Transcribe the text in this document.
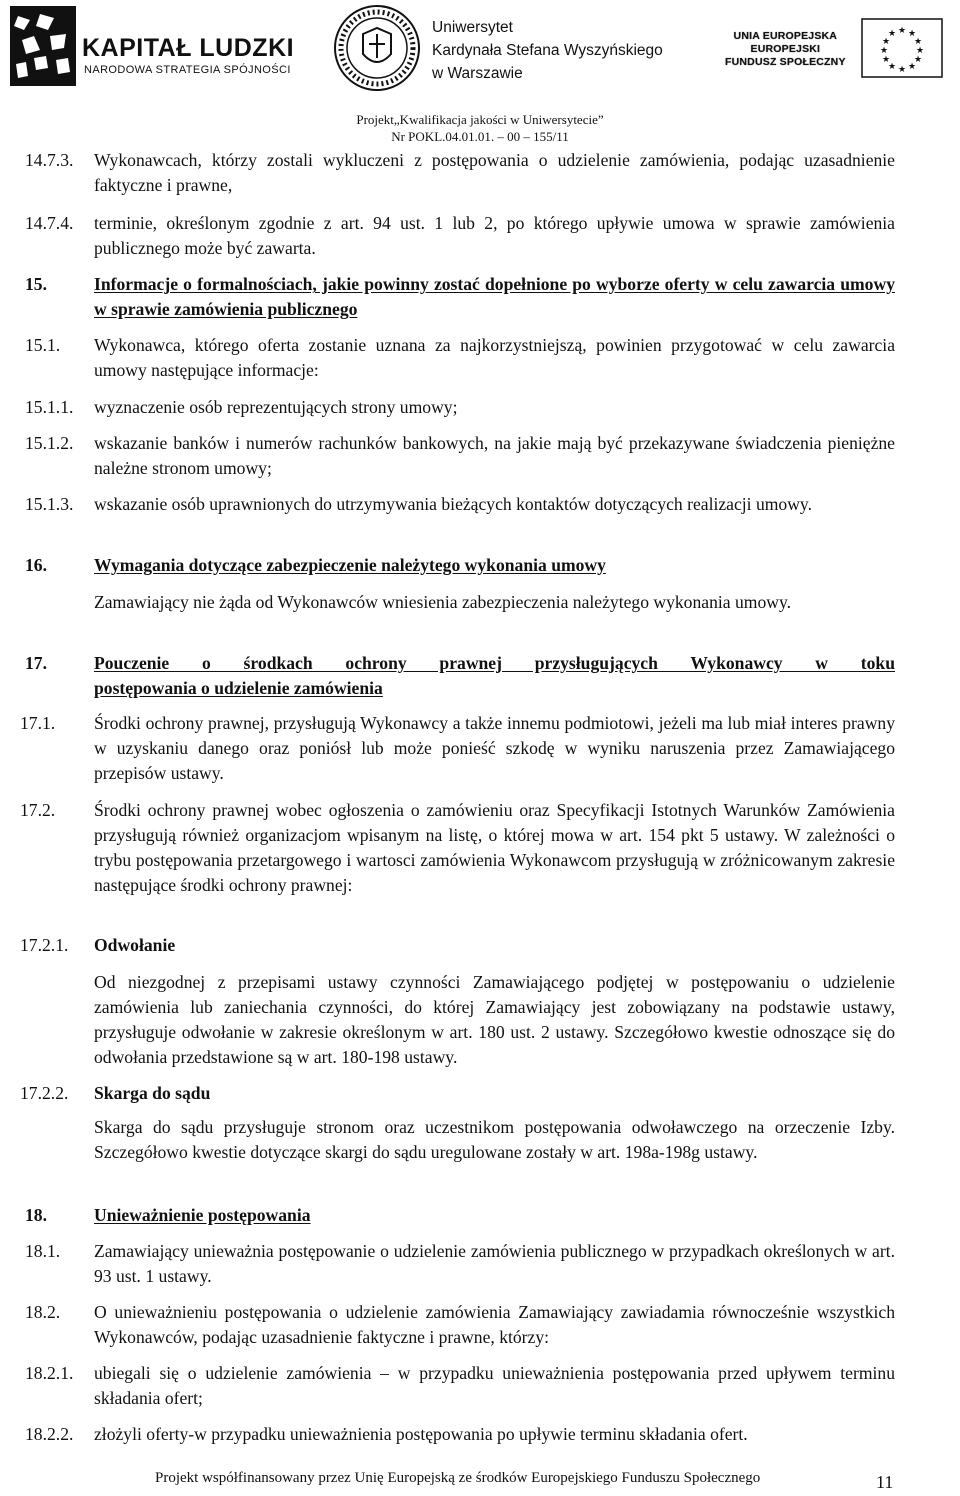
KAPITAŁ LUDZKI
NARODOWA STRATEGIA SPÓJNOŚCI
Uniwersytet
Kardynała Stefana Wyszyńskiego
w Warszawie
UNIA EUROPEJSKA
EUROPEJSKI
FUNDUSZ SPOŁECZNY
★ ★
★
★
★
★
★
★
★
★
★
★
Projekt„Kwalifikacja jakości w Uniwersytecie”
Nr POKL.04.01.01. – 00 – 155/11
14.7.3. Wykonawcach, którzy zostali wykluczeni z postępowania o udzielenie zamówienia, podając uzasadnienie faktyczne i prawne,
14.7.4. terminie, określonym zgodnie z art. 94 ust. 1 lub 2, po którego upływie umowa w sprawie zamówienia publicznego może być zawarta.
15.	Informacje o formalnościach, jakie powinny zostać dopełnione po wyborze oferty w celu zawarcia umowy w sprawie zamówienia publicznego
15.1. Wykonawca, którego oferta zostanie uznana za najkorzystniejszą, powinien przygotować w celu zawarcia umowy następujące informacje:
15.1.1. wyznaczenie osób reprezentujących strony umowy;
15.1.2. wskazanie banków i numerów rachunków bankowych, na jakie mają być przekazywane świadczenia pieniężne należne stronom umowy;
15.1.3. wskazanie osób uprawnionych do utrzymywania bieżących kontaktów dotyczących realizacji umowy.
16.	Wymagania dotyczące zabezpieczenie należytego wykonania umowy
Zamawiający nie żąda od Wykonawców wniesienia zabezpieczenia należytego wykonania umowy.
17.	Pouczenie o środkach ochrony prawnej przysługujących Wykonawcy w toku
postępowania o udzielenie zamówienia
17.1. Środki ochrony prawnej, przysługują Wykonawcy a także innemu podmiotowi, jeżeli ma lub miał interes prawny w uzyskaniu danego oraz poniósł lub może ponieść szkodę w wyniku naruszenia przez Zamawiającego przepisów ustawy.
17.2. Środki ochrony prawnej wobec ogłoszenia o zamówieniu oraz Specyfikacji Istotnych Warunków Zamówienia przysługują również organizacjom wpisanym na listę, o której mowa w art. 154 pkt 5 ustawy. W zależności o trybu postępowania przetargowego i wartosci zamówienia Wykonawcom przysługują w zróżnicowanym zakresie następujące środki ochrony prawnej:
17.2.1. Odwołanie
Od niezgodnej z przepisami ustawy czynności Zamawiającego podjętej w postępowaniu o udzielenie zamówienia lub zaniechania czynności, do której Zamawiający jest zobowiązany na podstawie ustawy, przysługuje odwołanie w zakresie określonym w art. 180 ust. 2 ustawy. Szczegółowo kwestie odnoszące się do odwołania przedstawione są w art. 180-198 ustawy.
17.2.2. Skarga do sądu
Skarga do sądu przysługuje stronom oraz uczestnikom postępowania odwoławczego na orzeczenie Izby. Szczegółowo kwestie dotyczące skargi do sądu uregulowane zostały w art. 198a-198g ustawy.
18.	Unieważnienie postępowania
18.1. Zamawiający unieważnia postępowanie o udzielenie zamówienia publicznego w przypadkach określonych w art. 93 ust. 1 ustawy.
18.2. O unieważnieniu postępowania o udzielenie zamówienia Zamawiający zawiadamia równocześnie wszystkich Wykonawców, podając uzasadnienie faktyczne i prawne, którzy:
18.2.1. ubiegali się o udzielenie zamówienia – w przypadku unieważnienia postępowania przed upływem terminu składania ofert;
18.2.2. złożyli oferty-w przypadku unieważnienia postępowania po upływie terminu składania ofert.
Projekt współfinansowany przez Unię Europejską ze środków Europejskiego Funduszu Społecznego	11
